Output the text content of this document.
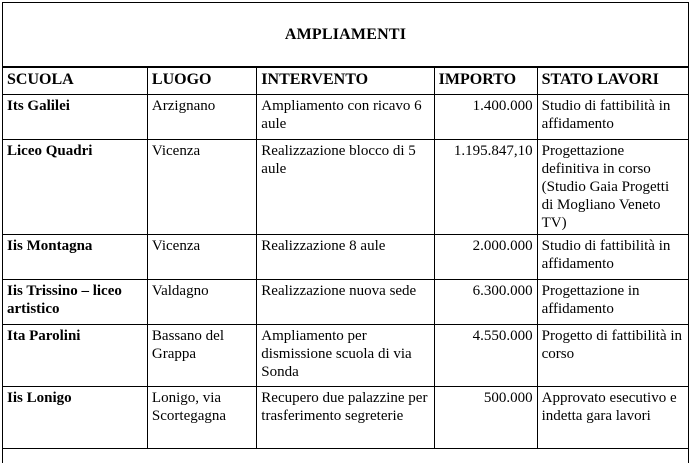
AMPLIAMENTI
SCUOLA	LUOGO	INTERVENTO	IMPORTO	STATO LAVORI
Its Galilei	Arzignano	Ampliamento con ricavo 6 aule	1.400.000	Studio di fattibilità in affidamento
Liceo Quadri	Vicenza	Realizzazione blocco di 5 aule	1.195.847,10	Progettazione definitiva in corso (Studio Gaia Progetti di Mogliano Veneto TV)
Iis Montagna	Vicenza	Realizzazione 8 aule	2.000.000	Studio di fattibilità in affidamento
Iis Trissino – liceo artistico	Valdagno	Realizzazione nuova sede	6.300.000	Progettazione in affidamento
Ita Parolini	Bassano del Grappa	Ampliamento per dismissione scuola di via Sonda	4.550.000	Progetto di fattibilità in corso
Iis Lonigo	Lonigo, via Scortegagna	Recupero due palazzine per trasferimento segreterie	500.000	Approvato esecutivo e indetta gara lavori
